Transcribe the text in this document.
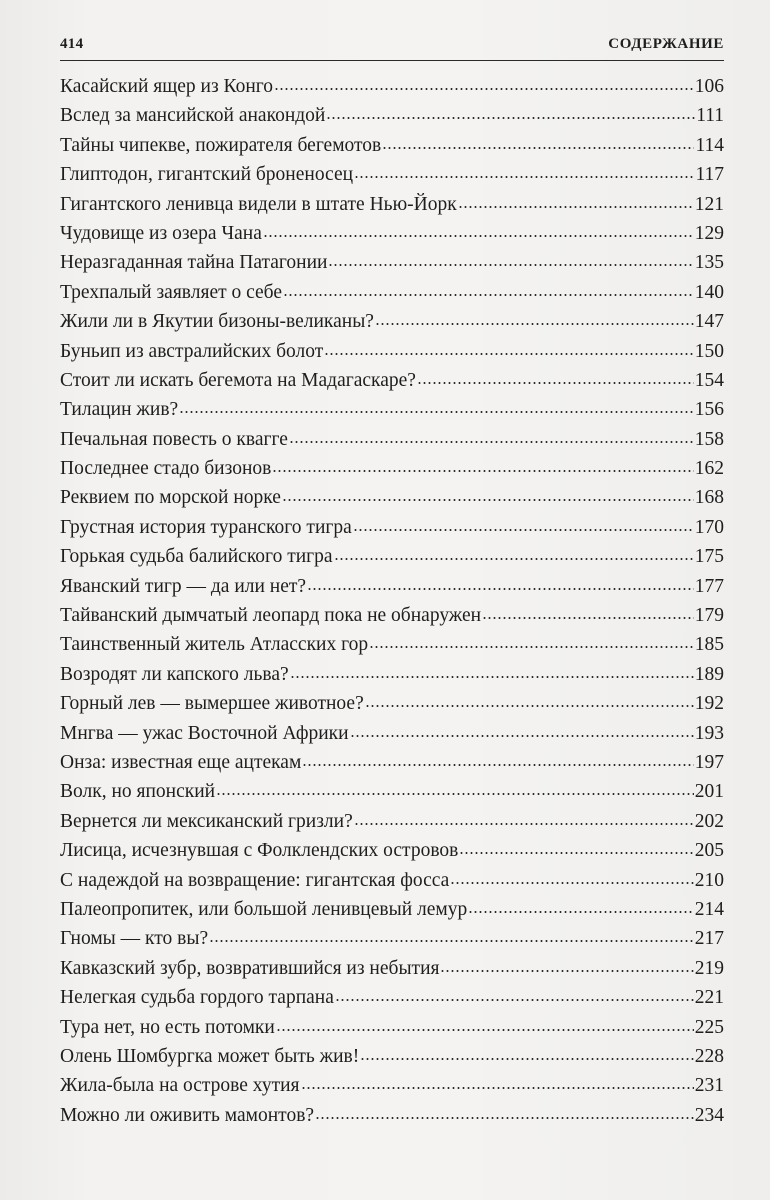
414	СОДЕРЖАНИЕ
Касайский ящер из Конго	106
Вслед за мансийской анакондой	111
Тайны чипекве, пожирателя бегемотов	114
Глиптодон, гигантский броненосец	117
Гигантского ленивца видели в штате Нью-Йорк	121
Чудовище из озера Чана	129
Неразгаданная тайна Патагонии	135
Трехпалый заявляет о себе	140
Жили ли в Якутии бизоны-великаны?	147
Буньип из австралийских болот	150
Стоит ли искать бегемота на Мадагаскаре?	154
Тилацин жив?	156
Печальная повесть о квагге	158
Последнее стадо бизонов	162
Реквием по морской норке	168
Грустная история туранского тигра	170
Горькая судьба балийского тигра	175
Яванский тигр — да или нет?	177
Тайванский дымчатый леопард пока не обнаружен	179
Таинственный житель Атласских гор	185
Возродят ли капского льва?	189
Горный лев — вымершее животное?	192
Мнгва — ужас Восточной Африки	193
Онза: известная еще ацтекам	197
Волк, но японский	201
Вернется ли мексиканский гризли?	202
Лисица, исчезнувшая с Фолклендских островов	205
С надеждой на возвращение: гигантская фосса	210
Палеопропитек, или большой ленивцевый лемур	214
Гномы — кто вы?	217
Кавказский зубр, возвратившийся из небытия	219
Нелегкая судьба гордого тарпана	221
Тура нет, но есть потомки	225
Олень Шомбургка может быть жив!	228
Жила-была на острове хутия	231
Можно ли оживить мамонтов?	234
